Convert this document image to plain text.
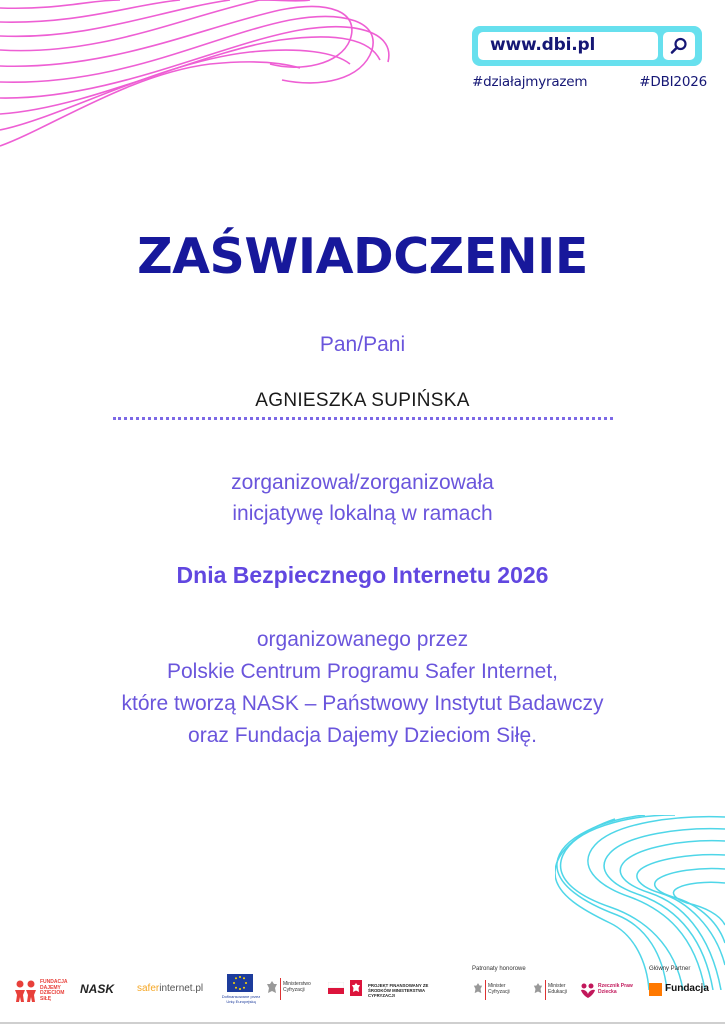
www.dbi.pl
#działajmyrazem	#DBI2026
ZAŚWIADCZENIE
Pan/Pani
AGNIESZKA SUPIŃSKA
zorganizował/zorganizowała
inicjatywę lokalną w ramach
Dnia Bezpiecznego Internetu 2026
organizowanego przez
Polskie Centrum Programu Safer Internet,
które tworzą NASK – Państwowy Instytut Badawczy
oraz Fundacja Dajemy Dzieciom Siłę.
FUNDACJA DAJEMY DZIECIOM SIŁĘ
NASK saferinternet.pl
Dofinansowane przez Unię Europejską
Ministerstwo Cyfryzacji
PROJEKT FINANSOWANY ZE ŚRODKÓW MINISTERSTWA CYFRYZACJI
Patronaty honorowe
Minister Cyfryzacji
Minister Edukacji
Rzecznik Praw Dziecka
Główny Partner
Fundacja
